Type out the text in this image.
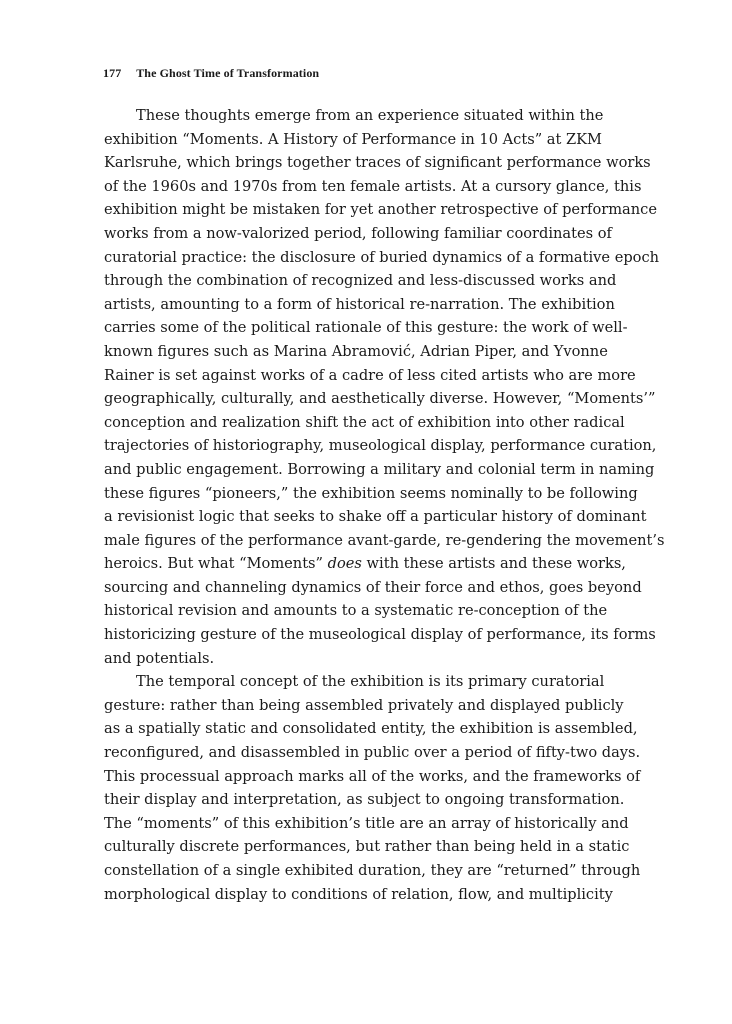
177 The Ghost Time of Transformation
These thoughts emerge from an experience situated within the
exhibition “Moments. A History of Performance in 10 Acts” at ZKM
Karlsruhe, which brings together traces of significant performance works
of the 1960s and 1970s from ten female artists. At a cursory glance, this
exhibition might be mistaken for yet another retrospective of performance
works from a now-valorized period, following familiar coordinates of
curatorial practice: the disclosure of buried dynamics of a formative epoch
through the combination of recognized and less-discussed works and
artists, amounting to a form of historical re-narration. The exhibition
carries some of the political rationale of this gesture: the work of well-
known figures such as Marina Abramović, Adrian Piper, and Yvonne
Rainer is set against works of a cadre of less cited artists who are more
geographically, culturally, and aesthetically diverse. However, “Moments’”
conception and realization shift the act of exhibition into other radical
trajectories of historiography, museological display, performance curation,
and public engagement. Borrowing a military and colonial term in naming
these figures “pioneers,” the exhibition seems nominally to be following
a revisionist logic that seeks to shake off a particular history of dominant
male figures of the performance avant-garde, re-gendering the movement’s
heroics. But what “Moments” does with these artists and these works,
sourcing and channeling dynamics of their force and ethos, goes beyond
historical revision and amounts to a systematic re-conception of the
historicizing gesture of the museological display of performance, its forms
and potentials.
The temporal concept of the exhibition is its primary curatorial
gesture: rather than being assembled privately and displayed publicly
as a spatially static and consolidated entity, the exhibition is assembled,
reconfigured, and disassembled in public over a period of fifty-two days.
This processual approach marks all of the works, and the frameworks of
their display and interpretation, as subject to ongoing transformation.
The “moments” of this exhibition’s title are an array of historically and
culturally discrete performances, but rather than being held in a static
constellation of a single exhibited duration, they are “returned” through
morphological display to conditions of relation, flow, and multiplicity
